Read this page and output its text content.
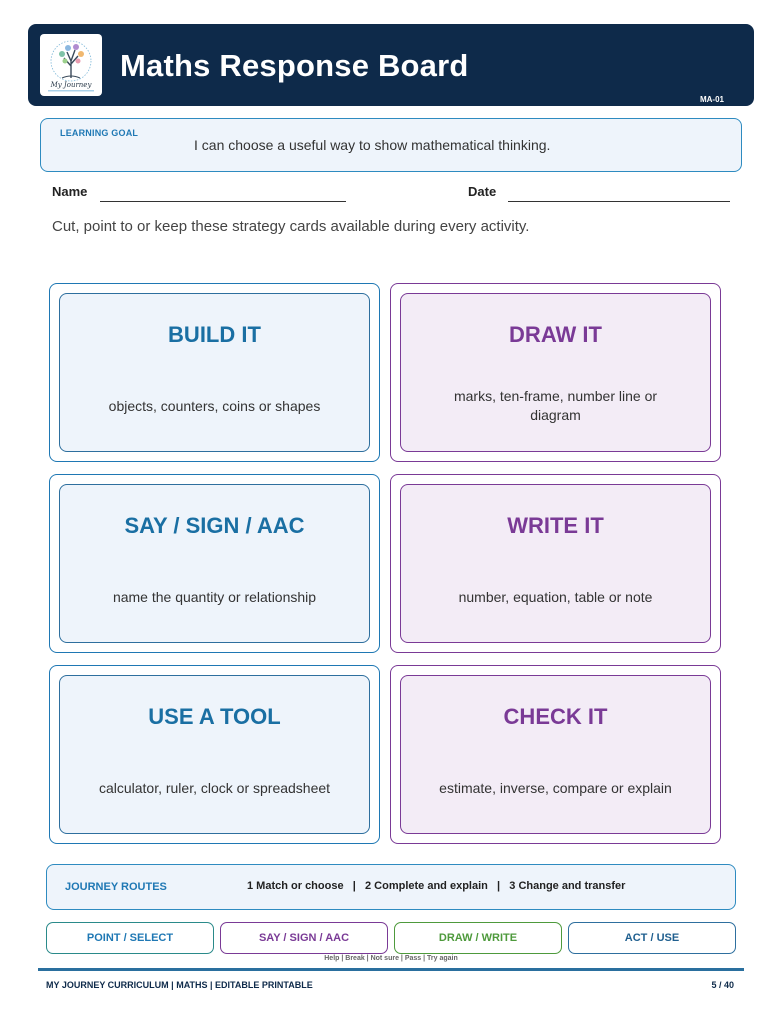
My Journey
Maths Response Board
MA-01
LEARNING GOAL
I can choose a useful way to show mathematical thinking.
Name	Date
Cut, point to or keep these strategy cards available during every activity.
BUILD IT
objects, counters, coins or shapes
DRAW IT
marks, ten-frame, number line or diagram
SAY / SIGN / AAC
name the quantity or relationship
WRITE IT
number, equation, table or note
USE A TOOL
calculator, ruler, clock or spreadsheet
CHECK IT
estimate, inverse, compare or explain
JOURNEY ROUTES	1 Match or choose   |   2 Complete and explain   |   3 Change and transfer
POINT / SELECT	SAY / SIGN / AAC	DRAW / WRITE	ACT / USE
Help | Break | Not sure | Pass | Try again
MY JOURNEY CURRICULUM | MATHS | EDITABLE PRINTABLE	5 / 40
